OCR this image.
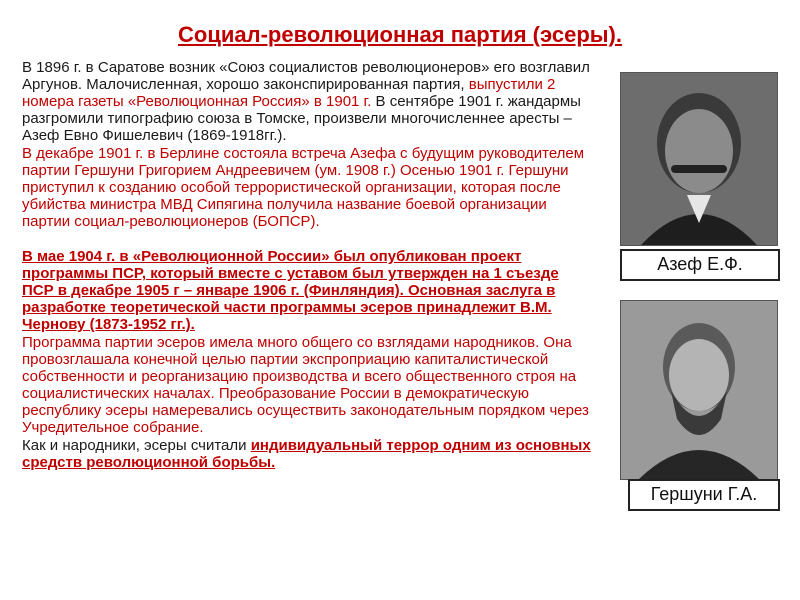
Социал-революционная партия (эсеры).

В 1896 г. в Саратове возник «Союз социалистов революционеров» его возглавил Аргунов. Малочисленная, хорошо законспирированная партия, выпустили 2 номера газеты «Революционная Россия» в 1901 г. В сентябре 1901 г. жандармы разгромили типографию союза в Томске, произвели многочисленнее аресты – Азеф Евно Фишелевич (1869-1918гг.).

В декабре 1901 г. в Берлине состояла встреча Азефа с будущим руководителем партии Гершуни Григорием Андреевичем (ум. 1908 г.) Осенью 1901 г. Гершуни приступил к созданию особой террористической организации, которая после убийства министра МВД Сипягина получила название боевой организации партии социал-революционеров (БОПСР).

В мае 1904 г. в «Революционной России» был опубликован проект программы ПСР, который вместе с уставом был утвержден на 1 съезде ПСР в декабре 1905 г – январе 1906 г. (Финляндия). Основная заслуга в разработке теоретической части программы эсеров принадлежит В.М. Чернову (1873-1952 гг.).

Программа партии эсеров имела много общего со взглядами народников. Она провозглашала конечной целью партии экспроприацию капиталистической собственности и реорганизацию производства и всего общественного строя на социалистических началах. Преобразование России в демократическую республику эсеры намеревались осуществить законодательным порядком через Учредительное собрание.

Как и народники, эсеры считали индивидуальный террор одним из основных средств революционной борьбы.

Азеф Е.Ф.
Гершуни Г.А.
